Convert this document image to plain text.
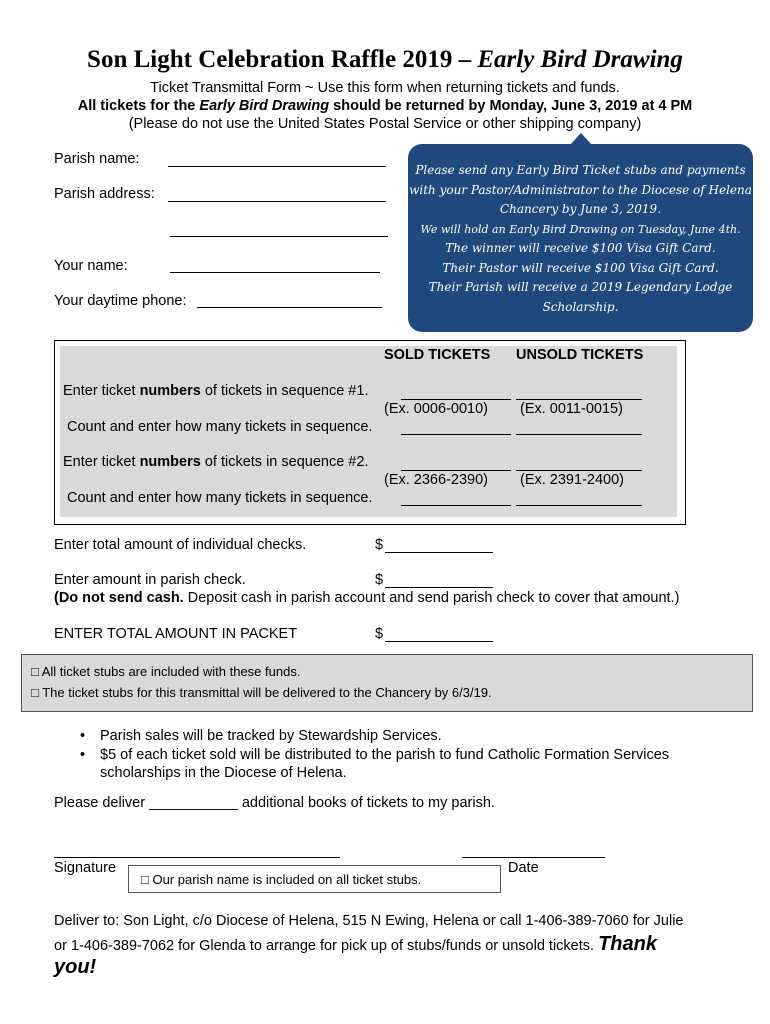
Son Light Celebration Raffle 2019 – Early Bird Drawing
Ticket Transmittal Form ~ Use this form when returning tickets and funds.
All tickets for the Early Bird Drawing should be returned by Monday, June 3, 2019 at 4 PM
(Please do not use the United States Postal Service or other shipping company)
Parish name:
Parish address:
Your name:
Your daytime phone:
Please send any Early Bird Ticket stubs and payments
with your Pastor/Administrator to the Diocese of Helena
Chancery by June 3, 2019.
We will hold an Early Bird Drawing on Tuesday, June 4th.
The winner will receive $100 Visa Gift Card.
Their Pastor will receive $100 Visa Gift Card.
Their Parish will receive a 2019 Legendary Lodge
Scholarship.
SOLD TICKETS UNSOLD TICKETS
Enter ticket numbers of tickets in sequence #1.
(Ex. 0006-0010) (Ex. 0011-0015)
Count and enter how many tickets in sequence.
Enter ticket numbers of tickets in sequence #2.
(Ex. 2366-2390) (Ex. 2391-2400)
Count and enter how many tickets in sequence.
Enter total amount of individual checks.	$
Enter amount in parish check.	$
(Do not send cash. Deposit cash in parish account and send parish check to cover that amount.)
ENTER TOTAL AMOUNT IN PACKET	$
□ All ticket stubs are included with these funds.
□ The ticket stubs for this transmittal will be delivered to the Chancery by 6/3/19.
• Parish sales will be tracked by Stewardship Services.
• $5 of each ticket sold will be distributed to the parish to fund Catholic Formation Services
scholarships in the Diocese of Helena.
Please deliver ___________ additional books of tickets to my parish.
Signature	Date
□ Our parish name is included on all ticket stubs.
Deliver to: Son Light, c/o Diocese of Helena, 515 N Ewing, Helena or call 1-406-389-7060 for Julie
or 1-406-389-7062 for Glenda to arrange for pick up of stubs/funds or unsold tickets. Thank
you!
